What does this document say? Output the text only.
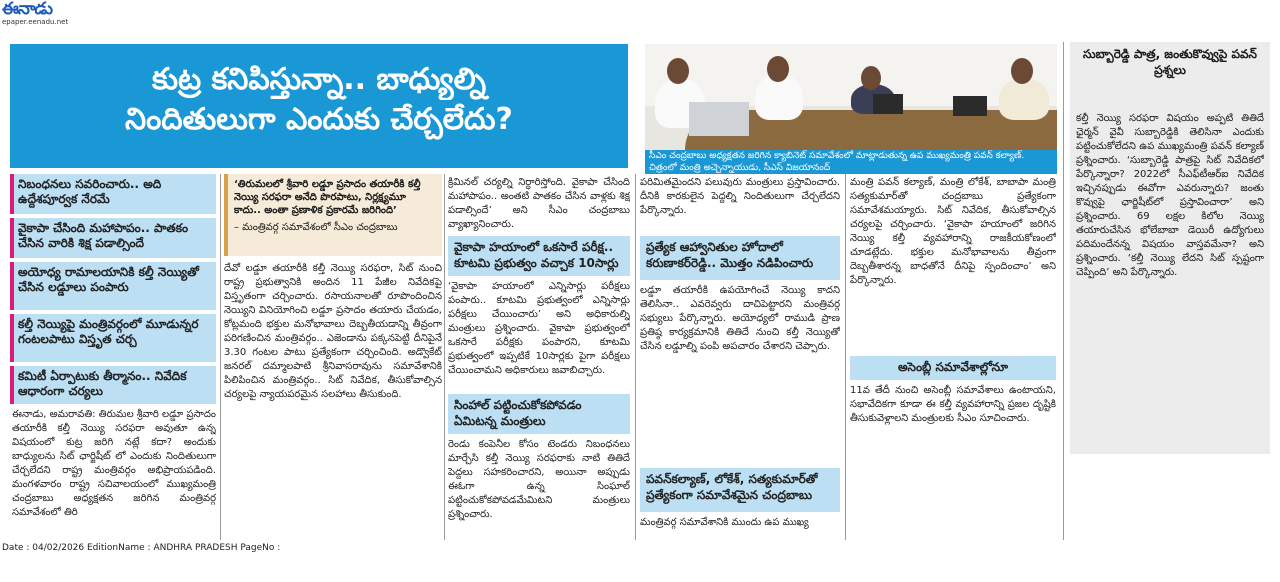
ఈనాడు
epaper.eenadu.net
కుట్ర కనిపిస్తున్నా.. బాధ్యుల్ని
నిందితులుగా ఎందుకు చేర్చలేదు?
సీఎం చంద్రబాబు అధ్యక్షతన జరిగిన క్యాబినెట్ సమావేశంలో మాట్లాడుతున్న ఉప ముఖ్యమంత్రి పవన్ కల్యాణ్. చిత్రంలో మంత్రి అచ్చెన్నాయుడు, సీఎస్ విజయానంద్
నిబంధనలు సవరించారు.. అది ఉద్దేశపూర్వక నేరమే
వైకాపా చేసింది మహాపాపం.. పాతకం చేసిన వారికి శిక్ష పడాల్సిందే
అయోధ్య రామాలయానికి కల్తీ నెయ్యితో చేసిన లడ్డూలు పంపారు
కల్తీ నెయ్యిపై మంత్రివర్గంలో మూడున్నర గంటలపాటు విస్తృత చర్చ
కమిటీ ఏర్పాటుకు తీర్మానం.. నివేదిక ఆధారంగా చర్యలు
‘తిరుమలలో శ్రీవారి లడ్డూ ప్రసాదం తయారీకి కల్తీ నెయ్యి సరఫరా అనేది పొరపాటు, నిర్లక్ష్యమూ కాదు.. అంతా ప్రణాళిక ప్రకారమే జరిగింది’
– మంత్రివర్గ సమావేశంలో సీఎం చంద్రబాబు
ఈనాడు, అమరావతి: తిరుమల శ్రీవారి లడ్డూ ప్రసాదం తయారీకి కల్తీ నెయ్యి సరఫరా అవుతూ ఉన్న విషయంలో కుట్ర జరిగి నట్లే కదా? అందుకు బాధ్యులను సిట్ ఛార్జిషీట్ లో ఎందుకు నిందితులుగా చేర్చలేదని రాష్ట్ర మంత్రివర్గం అభిప్రాయపడింది. మంగళవారం రాష్ట్ర సచివాలయంలో ముఖ్యమంత్రి చంద్రబాబు అధ్యక్షతన జరిగిన మంత్రివర్గ సమావేశంలో తిరి
దేవో లడ్డూ తయారీకి కల్తీ నెయ్యి సరఫరా, సిట్ నుంచి రాష్ట్ర ప్రభుత్వానికి అందిన 11 పేజీల నివేదికపై విస్తృతంగా చర్చించారు. రసాయనాలతో రూపొందించిన నెయ్యిని వినియోగించి లడ్డూ ప్రసాదం తయారు చేయడం, కోట్లమంది భక్తుల మనోభావాలు దెబ్బతీయడాన్ని తీవ్రంగా పరిగణించిన మంత్రివర్గం.. ఎజెండాను పక్కనపెట్టి దీనిపైనే 3.30 గంటల పాటు ప్రత్యేకంగా చర్చించింది. అడ్వొకేట్ జనరల్ దమ్మాలపాటి శ్రీనివాసరావును సమావేశానికి పిలిపించిన మంత్రివర్గం.. సిట్ నివేదిక, తీసుకోవాల్సిన చర్యలపై న్యాయపరమైన సలహాలు తీసుకుంది.
క్రిమినల్ చర్యల్ని నిర్ధారిస్తోంది. వైకాపా చేసింది మహాపాపం.. అంతటి పాతకం చేసిన వాళ్లకు శిక్ష పడాల్సిందే’ అని సీఎం చంద్రబాబు వ్యాఖ్యానించారు.
వైకాపా హయాంలో ఒకసారే పరీక్ష.. కూటమి ప్రభుత్వం వచ్చాక 10సార్లు
‘వైకాపా హయాంలో ఎన్నిసార్లు పరీక్షలు పంపారు.. కూటమి ప్రభుత్వంలో ఎన్నిసార్లు పరీక్షలు చేయించారు’ అని అధికారుల్ని మంత్రులు ప్రశ్నించారు. వైకాపా ప్రభుత్వంలో ఒకసారే పరీక్షకు పంపారని, కూటమి ప్రభుత్వంలో ఇప్పటికే 10సార్లకు పైగా పరీక్షలు చేయించామని అధికారులు జవాబిచ్చారు.
సింహాల్ పట్టించుకోకపోవడం ఏమిటన్న మంత్రులు
రెండు కంపెనీల కోసం టెండరు నిబంధనలు మార్చేసి కల్తీ నెయ్యి సరఫరాకు నాటి తితిదే పెద్దలు సహకరించారని, అయినా అప్పుడు ఈఓగా ఉన్న సింఘాల్ పట్టించుకోకపోవడమేమిటని మంత్రులు ప్రశ్నించారు.
పరిమితమైందని పలువురు మంత్రులు ప్రస్తావించారు. దీనికి కారకులైన పెద్దల్ని నిందితులుగా చేర్చలేదని పేర్కొన్నారు.
ప్రత్యేక ఆహ్వానితుల హోదాలో కరుణాకర్‌రెడ్డి.. మొత్తం నడిపించారు
లడ్డూ తయారీకి ఉపయోగించే నెయ్యి కాదని తెలిసినా.. ఎవరెవ్వరు దాచిపెట్టారని మంత్రివర్గ సభ్యులు పేర్కొన్నారు. అయోధ్యలో రాముడి ప్రాణ ప్రతిష్ఠ కార్యక్రమానికి తితిదే నుంచి కల్తీ నెయ్యితో చేసిన లడ్డూల్ని పంపి అపచారం చేశారని చెప్పారు.
పవన్‌కల్యాణ్, లోకేశ్, సత్యకుమార్‌తో ప్రత్యేకంగా సమావేశమైన చంద్రబాబు
మంత్రివర్గ సమావేశానికి ముందు ఉప ముఖ్య
మంత్రి పవన్ కల్యాణ్, మంత్రి లోకేశ్, బాబాపా మంత్రి సత్యకుమార్‌తో చంద్రబాబు ప్రత్యేకంగా సమావేశమయ్యారు. సిట్ నివేదిక, తీసుకోవాల్సిన చర్యలపై చర్చించారు. ‘వైకాపా హయాంలో జరిగిన నెయ్యి కల్తీ వ్యవహారాన్ని రాజకీయకోణంలో చూడట్లేదు. భక్తుల మనోభావాలను తీవ్రంగా దెబ్బతీశారన్న బాధతోనే దీనిపై స్పందించాం’ అని పేర్కొన్నారు.
అసెంబ్లీ సమావేశాల్లోనూ
11వ తేదీ నుంచి అసెంబ్లీ సమావేశాలు ఉంటాయని, సభావేదికగా కూడా ఈ కల్తీ వ్యవహారాన్ని ప్రజల దృష్టికి తీసుకువెళ్లాలని మంత్రులకు సీఎం సూచించారు.
సుబ్బారెడ్డి పాత్ర, జంతుకొవ్వుపై పవన్ ప్రశ్నలు
కల్తీ నెయ్యి సరఫరా విషయం అప్పటి తితిదే ఛైర్మన్ వైవీ సుబ్బారెడ్డికి తెలిసినా ఎందుకు పట్టించుకోలేదని ఉప ముఖ్యమంత్రి పవన్ కల్యాణ్ ప్రశ్నించారు. ‘సుబ్బారెడ్డి పాత్రపై సిట్ నివేదికలో పేర్కొన్నారా? 2022లో సీఎఫ్‌టీఆర్ఐ నివేదిక ఇచ్చినప్పుడు ఈవోగా ఎవరున్నారు? జంతు కొవ్వుపై ఛార్జిషీట్‌లో ప్రస్తావించారా’ అని ప్రశ్నించారు. 69 లక్షల కిలోల నెయ్యి తయారుచేసిన భోలేబాబా డెయిరీ ఉద్యోగులు పదిమందేనన్న విషయం వాస్తవమేనా? అని ప్రశ్నించారు. ‘కల్తీ నెయ్యి లేదని సిట్ స్పష్టంగా చెప్పింది’ అని పేర్కొన్నారు.
Date : 04/02/2026 EditionName : ANDHRA PRADESH PageNo :
